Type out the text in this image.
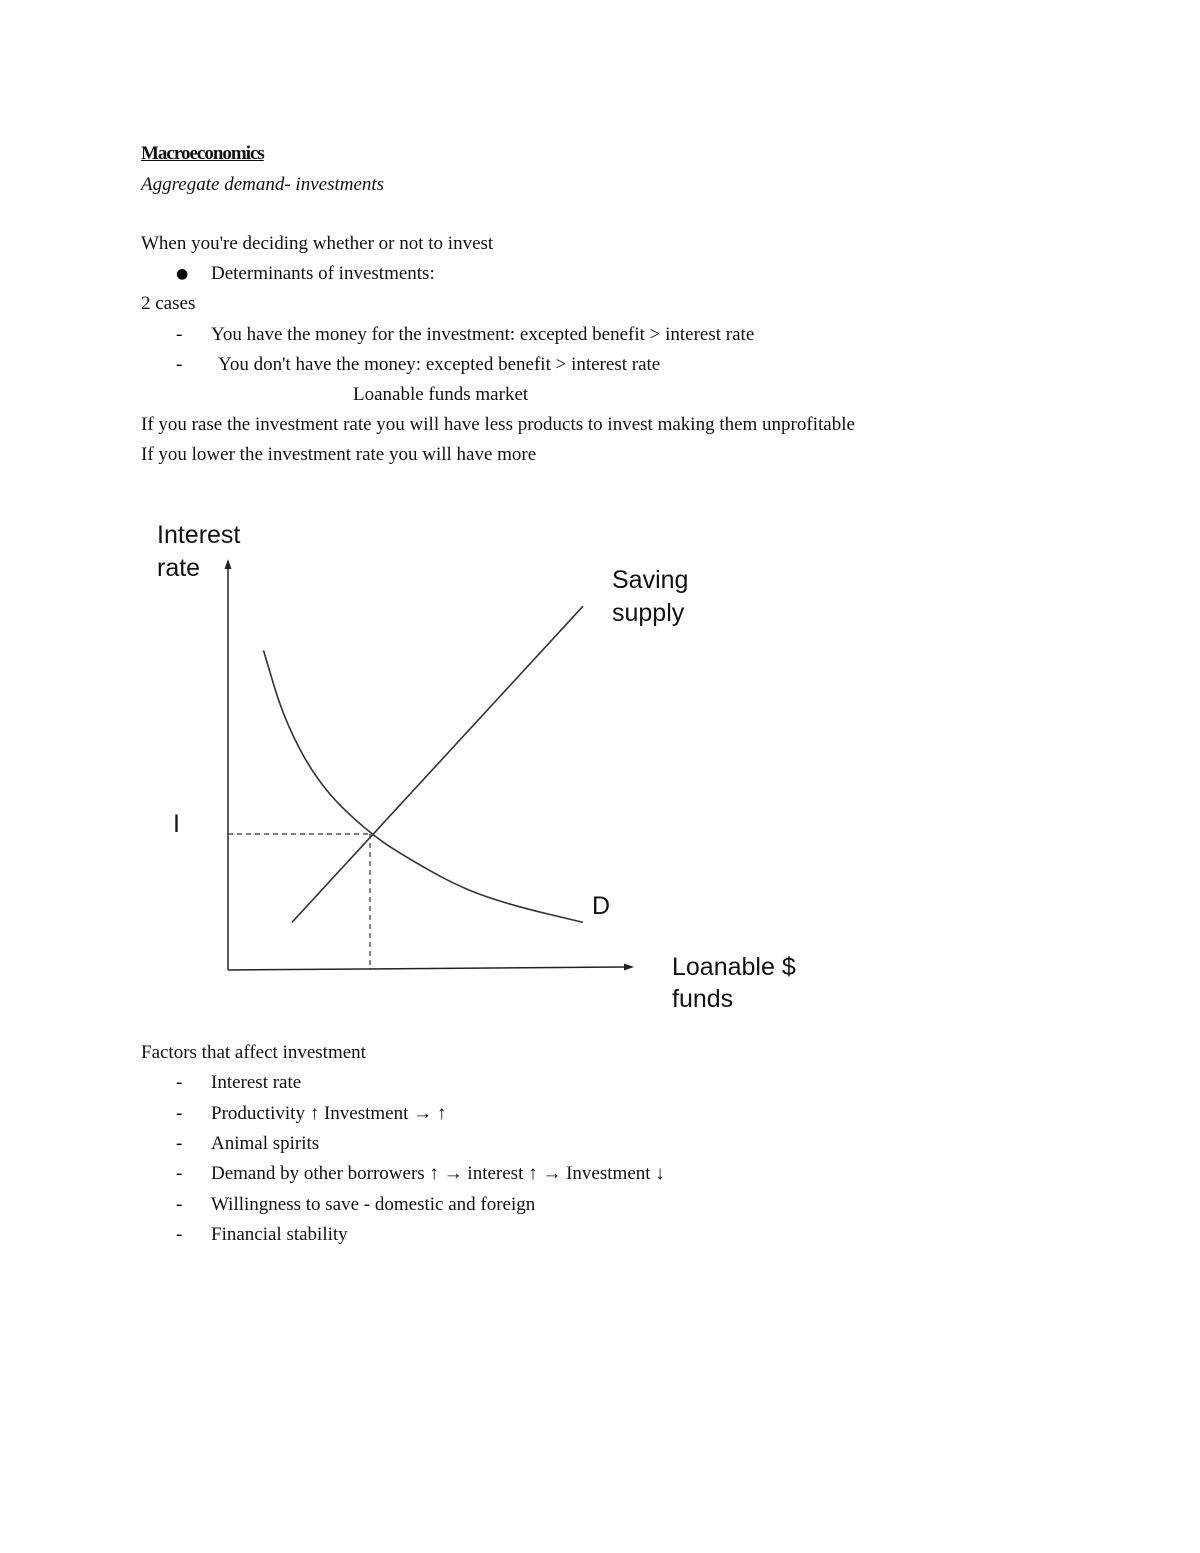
Macroeconomics

Aggregate demand- investments

When you're deciding whether or not to invest

● Determinants of investments:

2 cases

- You have the money for the investment: excepted benefit > interest rate

- You don't have the money: excepted benefit > interest rate

Loanable funds market

If you rase the investment rate you will have less products to invest making them unprofitable

If you lower the investment rate you will have more

Interest
rate
Loanable $
funds
I
Saving
supply
D

Factors that affect investment

- Interest rate

- Productivity ↑ Investment → ↑

- Animal spirits

- Demand by other borrowers ↑ → interest ↑ → Investment ↓

- Willingness to save - domestic and foreign

- Financial stability
